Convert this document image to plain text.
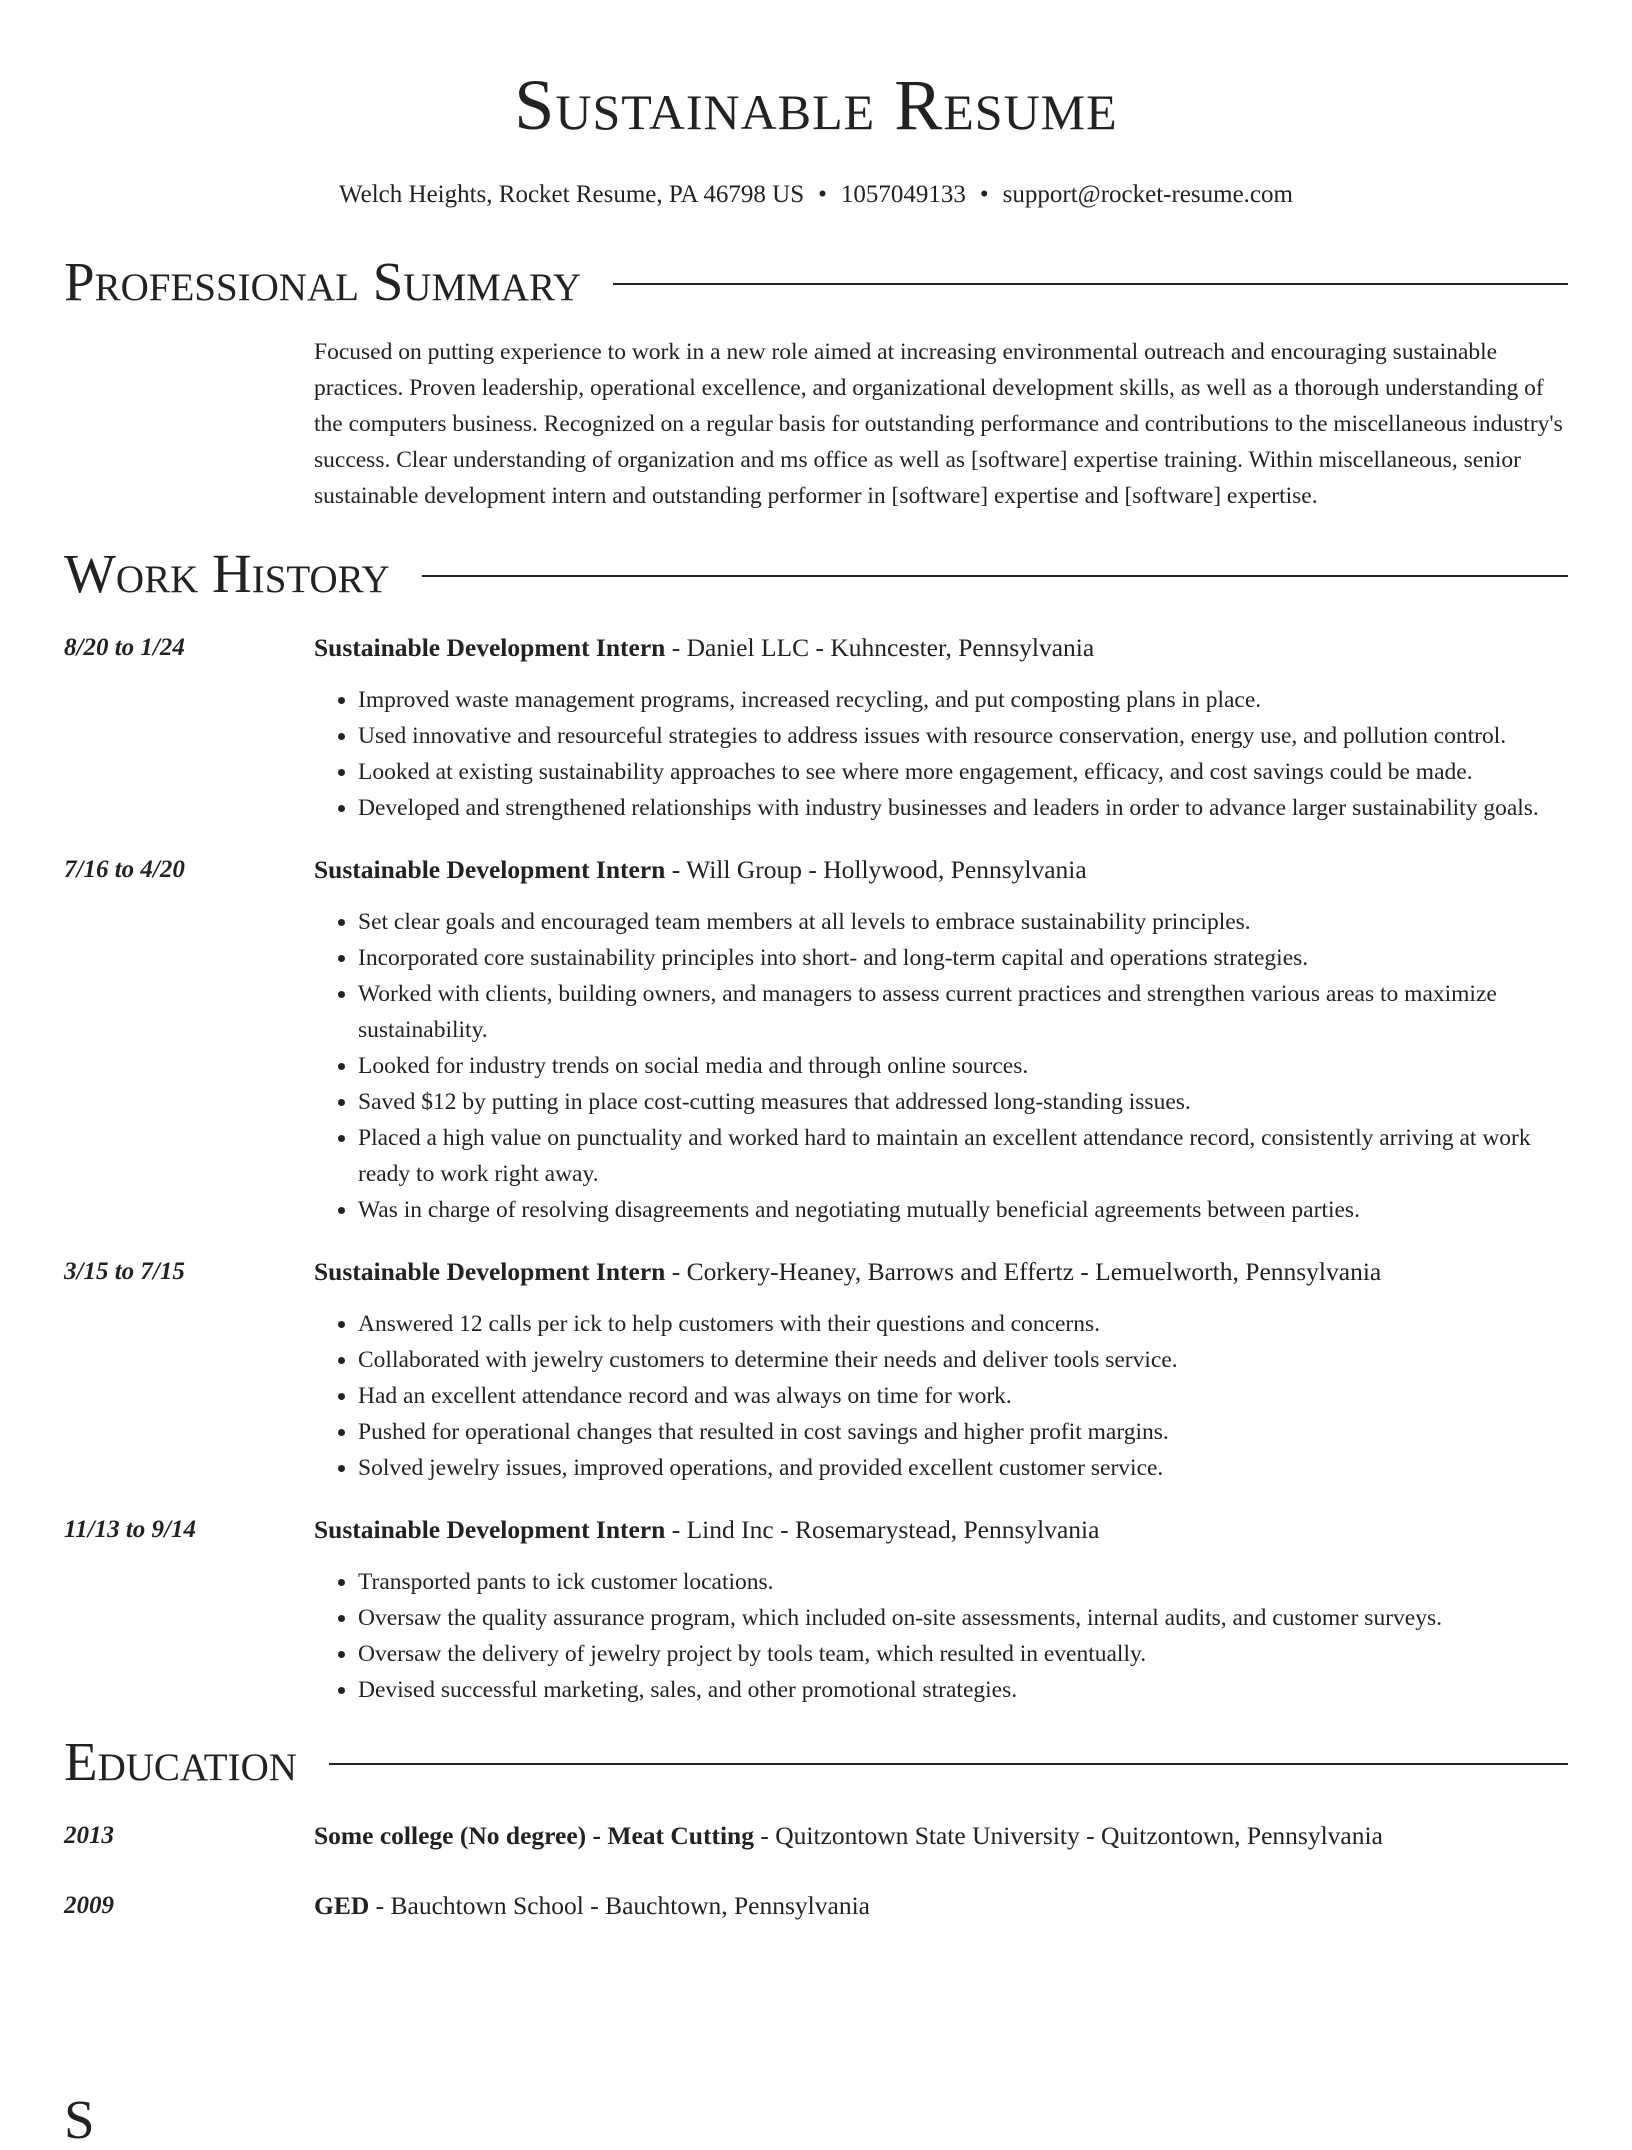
Sustainable Resume
Welch Heights, Rocket Resume, PA 46798 US • 1057049133 • support@rocket-resume.com
Professional Summary
Focused on putting experience to work in a new role aimed at increasing environmental outreach and encouraging sustainable practices. Proven leadership, operational excellence, and organizational development skills, as well as a thorough understanding of the computers business. Recognized on a regular basis for outstanding performance and contributions to the miscellaneous industry's success. Clear understanding of organization and ms office as well as [software] expertise training. Within miscellaneous, senior sustainable development intern and outstanding performer in [software] expertise and [software] expertise.
Work History
8/20 to 1/24	Sustainable Development Intern - Daniel LLC - Kuhncester, Pennsylvania
• Improved waste management programs, increased recycling, and put composting plans in place.
• Used innovative and resourceful strategies to address issues with resource conservation, energy use, and pollution control.
• Looked at existing sustainability approaches to see where more engagement, efficacy, and cost savings could be made.
• Developed and strengthened relationships with industry businesses and leaders in order to advance larger sustainability goals.
7/16 to 4/20	Sustainable Development Intern - Will Group - Hollywood, Pennsylvania
• Set clear goals and encouraged team members at all levels to embrace sustainability principles.
• Incorporated core sustainability principles into short- and long-term capital and operations strategies.
• Worked with clients, building owners, and managers to assess current practices and strengthen various areas to maximize sustainability.
• Looked for industry trends on social media and through online sources.
• Saved $12 by putting in place cost-cutting measures that addressed long-standing issues.
• Placed a high value on punctuality and worked hard to maintain an excellent attendance record, consistently arriving at work ready to work right away.
• Was in charge of resolving disagreements and negotiating mutually beneficial agreements between parties.
3/15 to 7/15	Sustainable Development Intern - Corkery-Heaney, Barrows and Effertz - Lemuelworth, Pennsylvania
• Answered 12 calls per ick to help customers with their questions and concerns.
• Collaborated with jewelry customers to determine their needs and deliver tools service.
• Had an excellent attendance record and was always on time for work.
• Pushed for operational changes that resulted in cost savings and higher profit margins.
• Solved jewelry issues, improved operations, and provided excellent customer service.
11/13 to 9/14	Sustainable Development Intern - Lind Inc - Rosemarystead, Pennsylvania
• Transported pants to ick customer locations.
• Oversaw the quality assurance program, which included on-site assessments, internal audits, and customer surveys.
• Oversaw the delivery of jewelry project by tools team, which resulted in eventually.
• Devised successful marketing, sales, and other promotional strategies.
Education
2013	Some college (No degree) - Meat Cutting - Quitzontown State University - Quitzontown, Pennsylvania
2009	GED - Bauchtown School - Bauchtown, Pennsylvania
S
